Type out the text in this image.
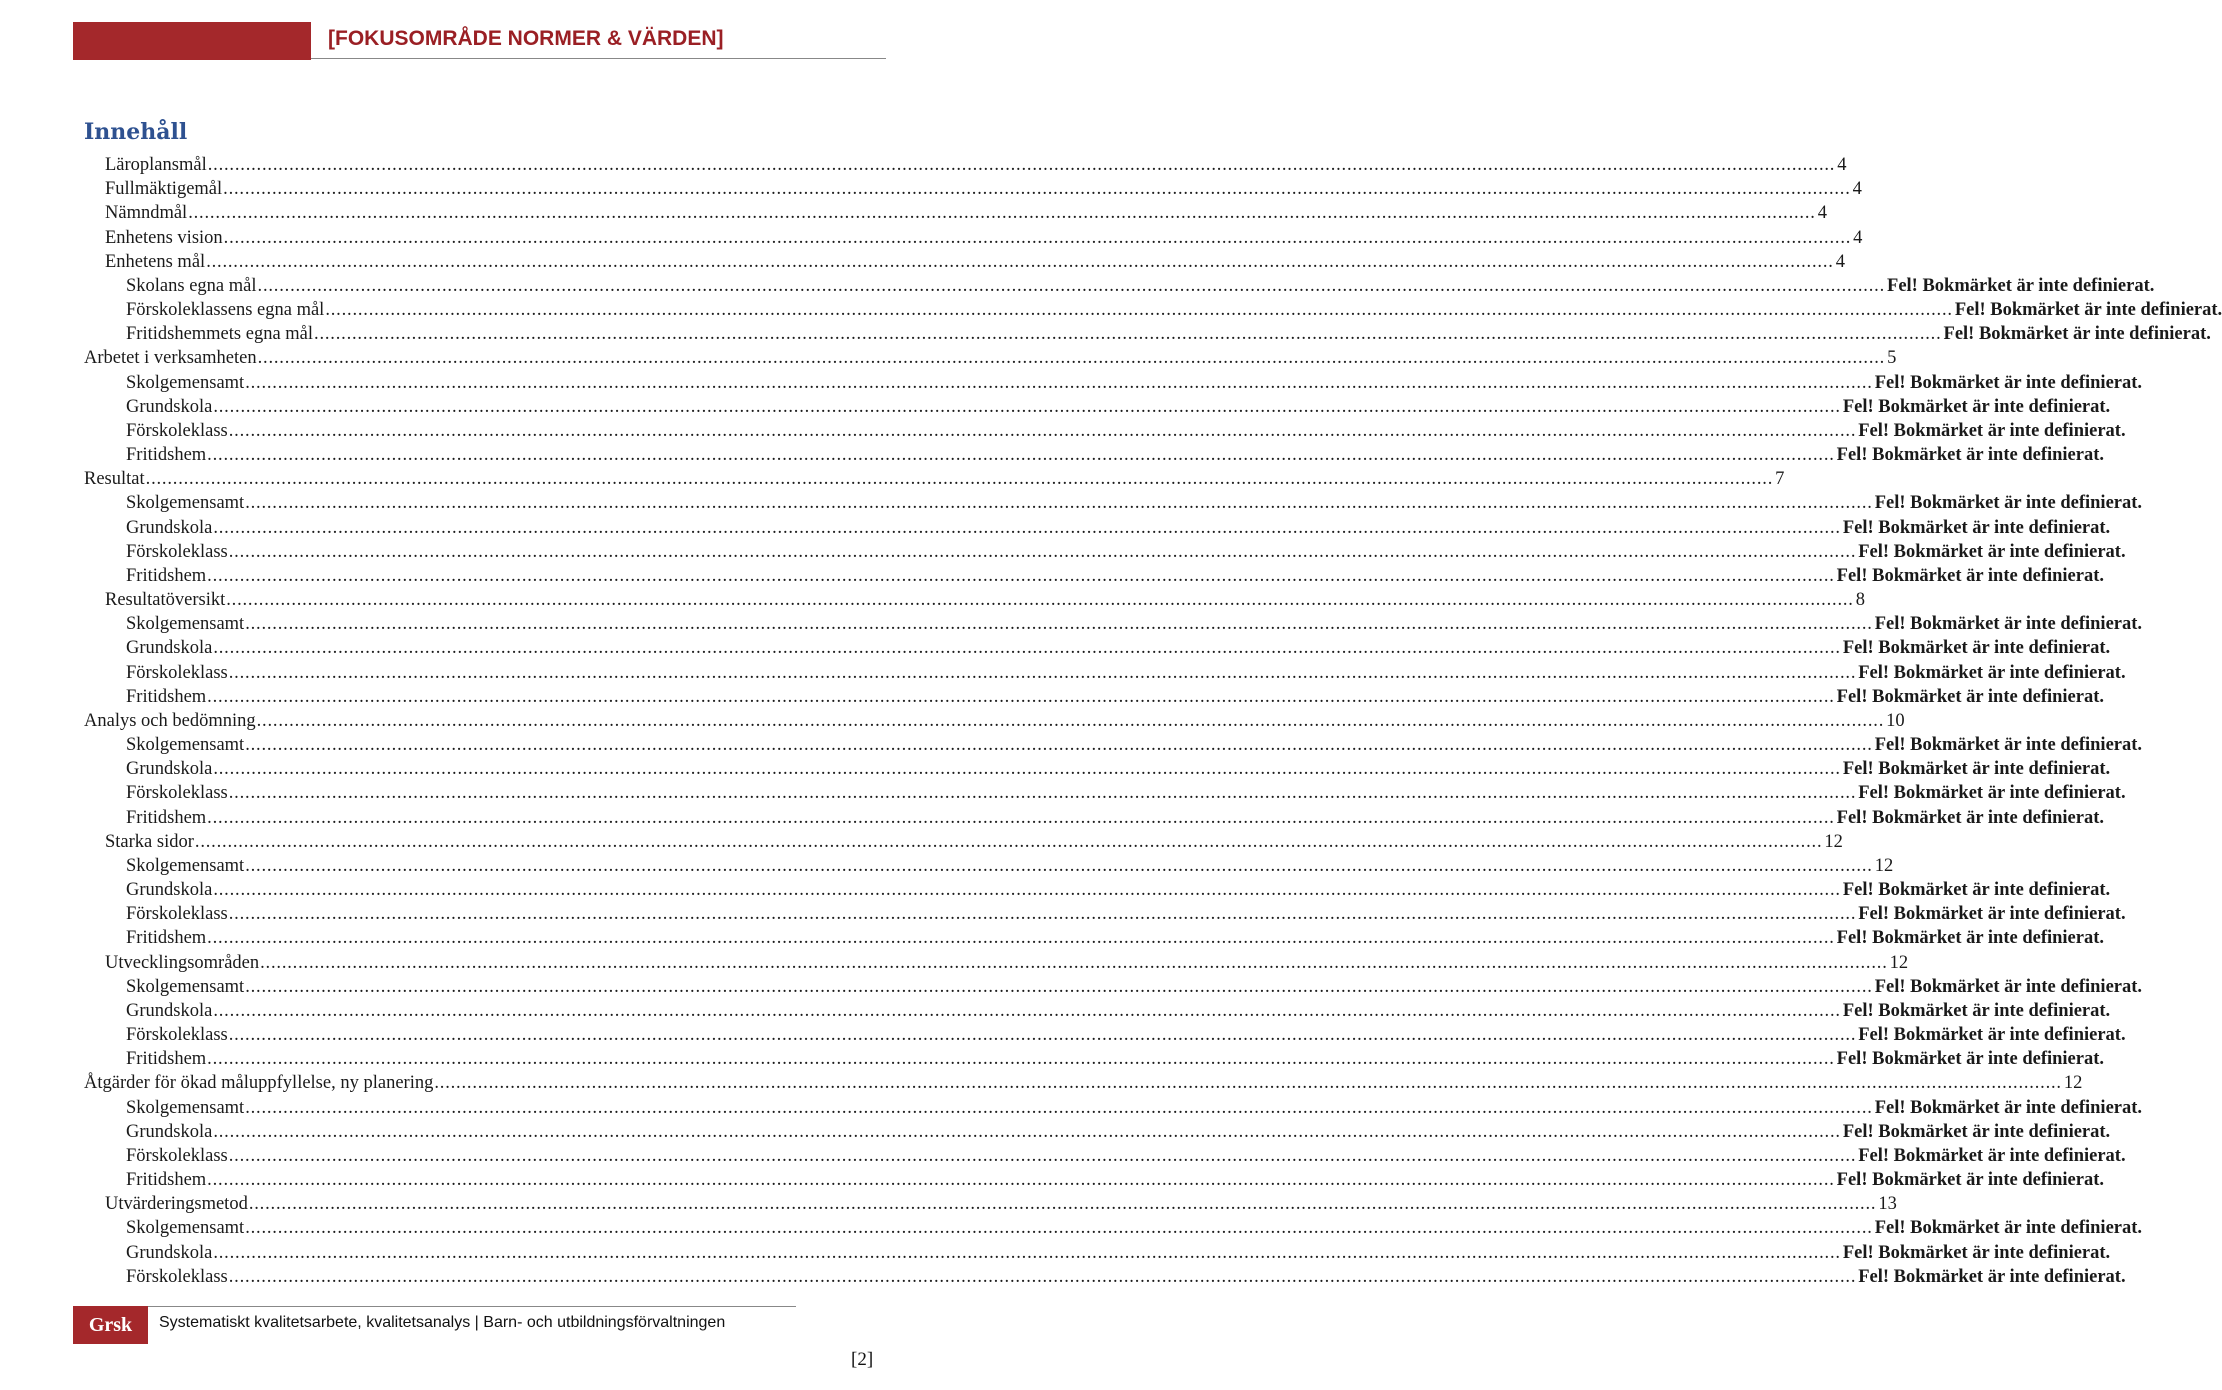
[FOKUSOMRÅDE NORMER & VÄRDEN]
Innehåll
Läroplansmål ............................................................................................................................................................................................................................................................................................................ 4
Fullmäktigemål ............................................................................................................................................................................................................................................................................................................ 4
Nämndmål ............................................................................................................................................................................................................................................................................................................ 4
Enhetens vision ............................................................................................................................................................................................................................................................................................................ 4
Enhetens mål ............................................................................................................................................................................................................................................................................................................ 4
Skolans egna mål ............................................................................................................................................................................................................................................................................................................ Fel! Bokmärket är inte definierat.
Förskoleklassens egna mål ............................................................................................................................................................................................................................................................................................................ Fel! Bokmärket är inte definierat.
Fritidshemmets egna mål ............................................................................................................................................................................................................................................................................................................ Fel! Bokmärket är inte definierat.
Arbetet i verksamheten ............................................................................................................................................................................................................................................................................................................ 5
Skolgemensamt ............................................................................................................................................................................................................................................................................................................ Fel! Bokmärket är inte definierat.
Grundskola ............................................................................................................................................................................................................................................................................................................ Fel! Bokmärket är inte definierat.
Förskoleklass ............................................................................................................................................................................................................................................................................................................ Fel! Bokmärket är inte definierat.
Fritidshem ............................................................................................................................................................................................................................................................................................................ Fel! Bokmärket är inte definierat.
Resultat ............................................................................................................................................................................................................................................................................................................ 7
Skolgemensamt ............................................................................................................................................................................................................................................................................................................ Fel! Bokmärket är inte definierat.
Grundskola ............................................................................................................................................................................................................................................................................................................ Fel! Bokmärket är inte definierat.
Förskoleklass ............................................................................................................................................................................................................................................................................................................ Fel! Bokmärket är inte definierat.
Fritidshem ............................................................................................................................................................................................................................................................................................................ Fel! Bokmärket är inte definierat.
Resultatöversikt ............................................................................................................................................................................................................................................................................................................ 8
Skolgemensamt ............................................................................................................................................................................................................................................................................................................ Fel! Bokmärket är inte definierat.
Grundskola ............................................................................................................................................................................................................................................................................................................ Fel! Bokmärket är inte definierat.
Förskoleklass ............................................................................................................................................................................................................................................................................................................ Fel! Bokmärket är inte definierat.
Fritidshem ............................................................................................................................................................................................................................................................................................................ Fel! Bokmärket är inte definierat.
Analys och bedömning ............................................................................................................................................................................................................................................................................................................ 10
Skolgemensamt ............................................................................................................................................................................................................................................................................................................ Fel! Bokmärket är inte definierat.
Grundskola ............................................................................................................................................................................................................................................................................................................ Fel! Bokmärket är inte definierat.
Förskoleklass ............................................................................................................................................................................................................................................................................................................ Fel! Bokmärket är inte definierat.
Fritidshem ............................................................................................................................................................................................................................................................................................................ Fel! Bokmärket är inte definierat.
Starka sidor ............................................................................................................................................................................................................................................................................................................ 12
Skolgemensamt ............................................................................................................................................................................................................................................................................................................ 12
Grundskola ............................................................................................................................................................................................................................................................................................................ Fel! Bokmärket är inte definierat.
Förskoleklass ............................................................................................................................................................................................................................................................................................................ Fel! Bokmärket är inte definierat.
Fritidshem ............................................................................................................................................................................................................................................................................................................ Fel! Bokmärket är inte definierat.
Utvecklingsområden ............................................................................................................................................................................................................................................................................................................ 12
Skolgemensamt ............................................................................................................................................................................................................................................................................................................ Fel! Bokmärket är inte definierat.
Grundskola ............................................................................................................................................................................................................................................................................................................ Fel! Bokmärket är inte definierat.
Förskoleklass ............................................................................................................................................................................................................................................................................................................ Fel! Bokmärket är inte definierat.
Fritidshem ............................................................................................................................................................................................................................................................................................................ Fel! Bokmärket är inte definierat.
Åtgärder för ökad måluppfyllelse, ny planering ............................................................................................................................................................................................................................................................................................................ 12
Skolgemensamt ............................................................................................................................................................................................................................................................................................................ Fel! Bokmärket är inte definierat.
Grundskola ............................................................................................................................................................................................................................................................................................................ Fel! Bokmärket är inte definierat.
Förskoleklass ............................................................................................................................................................................................................................................................................................................ Fel! Bokmärket är inte definierat.
Fritidshem ............................................................................................................................................................................................................................................................................................................ Fel! Bokmärket är inte definierat.
Utvärderingsmetod ............................................................................................................................................................................................................................................................................................................ 13
Skolgemensamt ............................................................................................................................................................................................................................................................................................................ Fel! Bokmärket är inte definierat.
Grundskola ............................................................................................................................................................................................................................................................................................................ Fel! Bokmärket är inte definierat.
Förskoleklass ............................................................................................................................................................................................................................................................................................................ Fel! Bokmärket är inte definierat.
Grsk	Systematiskt kvalitetsarbete, kvalitetsanalys | Barn- och utbildningsförvaltningen
[2]
